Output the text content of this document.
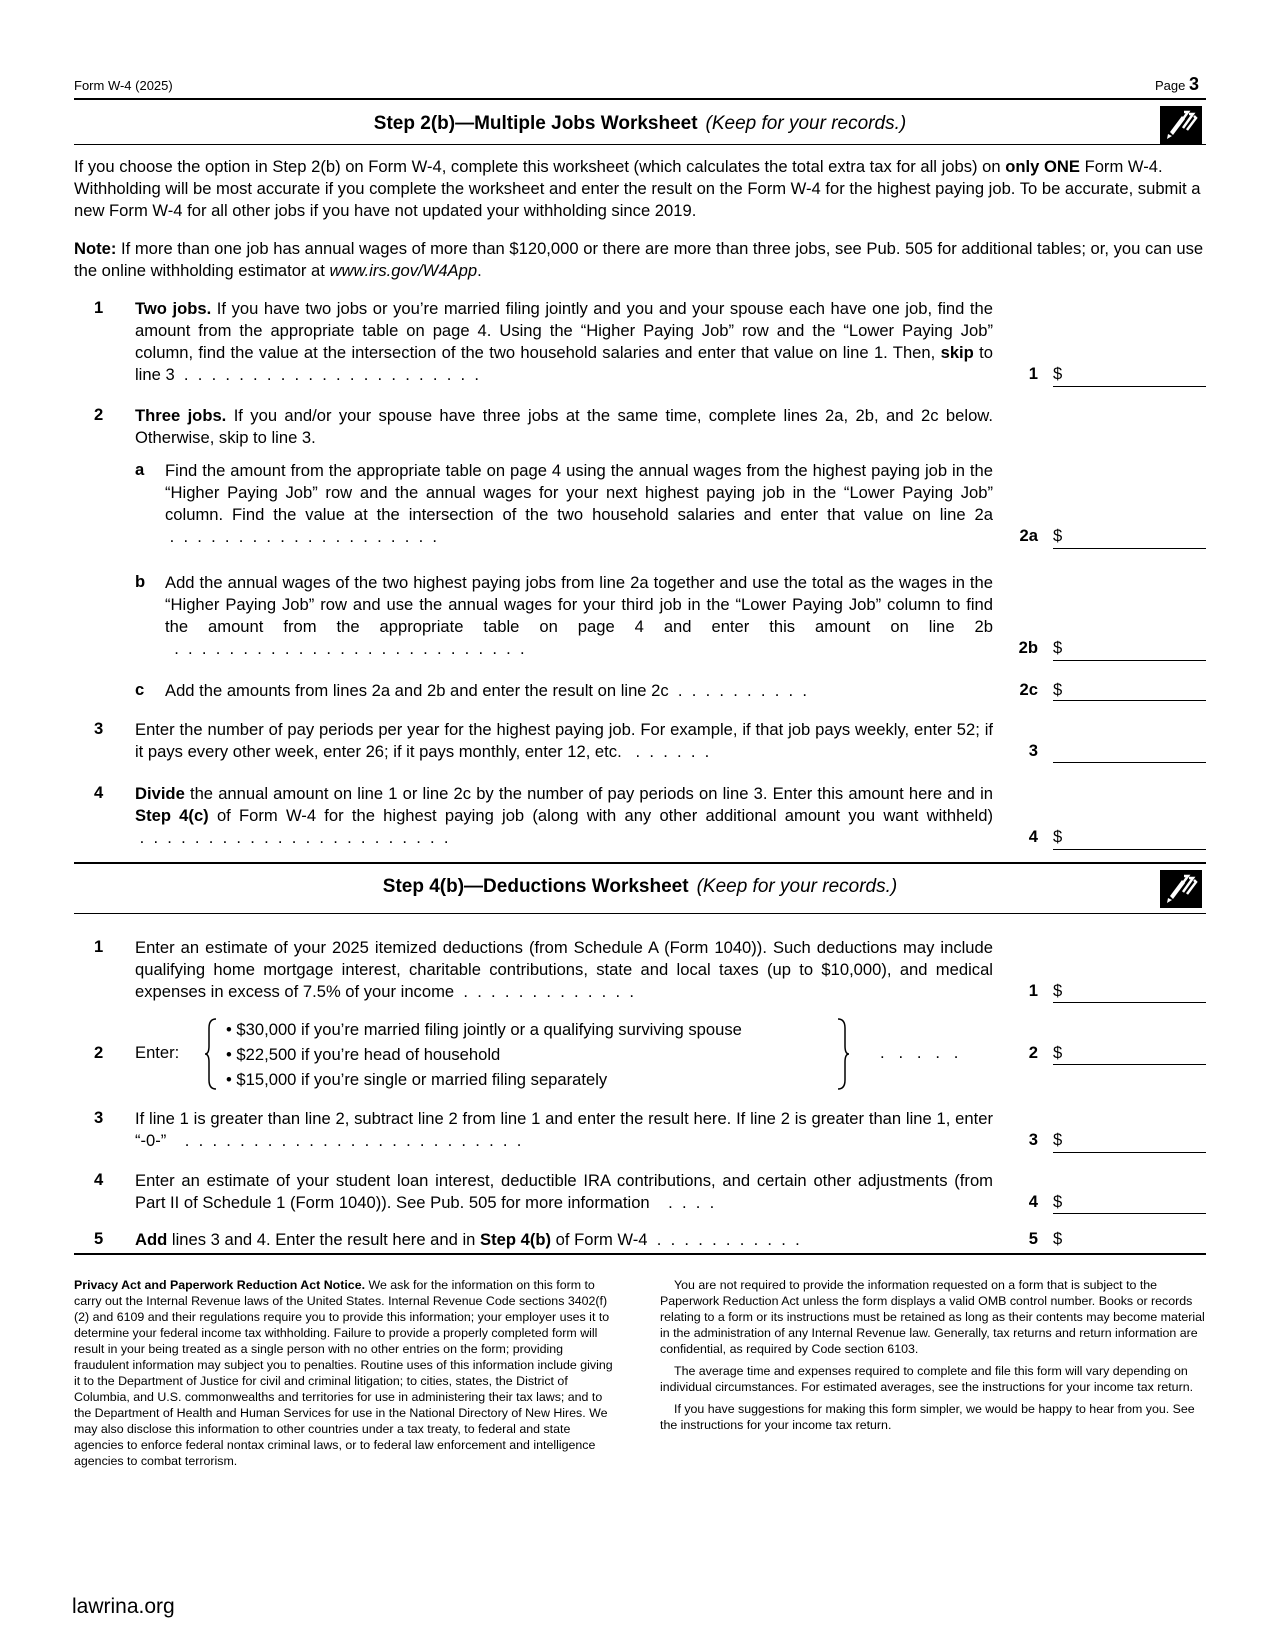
Form W-4 (2025)	Page 3
Step 2(b)—Multiple Jobs Worksheet (Keep for your records.)
If you choose the option in Step 2(b) on Form W-4, complete this worksheet (which calculates the total extra tax for all jobs) on only ONE Form W-4. Withholding will be most accurate if you complete the worksheet and enter the result on the Form W-4 for the highest paying job. To be accurate, submit a new Form W-4 for all other jobs if you have not updated your withholding since 2019.
Note: If more than one job has annual wages of more than $120,000 or there are more than three jobs, see Pub. 505 for additional tables; or, you can use the online withholding estimator at www.irs.gov/W4App.
1 Two jobs. If you have two jobs or you’re married filing jointly and you and your spouse each have one job, find the amount from the appropriate table on page 4. Using the “Higher Paying Job” row and the “Lower Paying Job” column, find the value at the intersection of the two household salaries and enter that value on line 1. Then, skip to line 3  .  .  .  .  .  .  .  .  .  .  .  .  .  .  .  .  .  .  .  .  .  .	1 $
2 Three jobs. If you and/or your spouse have three jobs at the same time, complete lines 2a, 2b, and 2c below. Otherwise, skip to line 3.
a Find the amount from the appropriate table on page 4 using the annual wages from the highest paying job in the “Higher Paying Job” row and the annual wages for your next highest paying job in the “Lower Paying Job” column. Find the value at the intersection of the two household salaries and enter that value on line 2a  .  .  .  .  .  .  .  .  .  .  .  .  .  .  .  .  .  .  .  .	2a $
b Add the annual wages of the two highest paying jobs from line 2a together and use the total as the wages in the “Higher Paying Job” row and use the annual wages for your third job in the “Lower Paying Job” column to find the amount from the appropriate table on page 4 and enter this amount on line 2b   .  .  .  .  .  .  .  .  .  .  .  .  .  .  .  .  .  .  .  .  .  .  .  .  .  .	2b $
c Add the amounts from lines 2a and 2b and enter the result on line 2c  .  .  .  .  .  .  .  .  .  .	2c $
3 Enter the number of pay periods per year for the highest paying job. For example, if that job pays weekly, enter 52; if it pays every other week, enter 26; if it pays monthly, enter 12, etc.   .  .  .  .  .  .	3
4 Divide the annual amount on line 1 or line 2c by the number of pay periods on line 3. Enter this amount here and in Step 4(c) of Form W-4 for the highest paying job (along with any other additional amount you want withheld)  .  .  .  .  .  .  .  .  .  .  .  .  .  .  .  .  .  .  .  .  .  .  .	4 $
Step 4(b)—Deductions Worksheet (Keep for your records.)
1 Enter an estimate of your 2025 itemized deductions (from Schedule A (Form 1040)). Such deductions may include qualifying home mortgage interest, charitable contributions, state and local taxes (up to $10,000), and medical expenses in excess of 7.5% of your income  .  .  .  .  .  .  .  .  .  .  .  .  .	1 $
2 Enter:
• $30,000 if you’re married filing jointly or a qualifying surviving spouse
• $22,500 if you’re head of household
• $15,000 if you’re single or married filing separately
.   .   .   .   .	2 $
3 If line 1 is greater than line 2, subtract line 2 from line 1 and enter the result here. If line 2 is greater than line 1, enter “-0-”    .  .  .  .  .  .  .  .  .  .  .  .  .  .  .  .  .  .  .  .  .  .  .  .  .	3 $
4 Enter an estimate of your student loan interest, deductible IRA contributions, and certain other adjustments (from Part II of Schedule 1 (Form 1040)). See Pub. 505 for more information    .  .  .  .	4 $
5 Add lines 3 and 4. Enter the result here and in Step 4(b) of Form W-4  .  .  .  .  .  .  .  .  .  .  .	5 $

Privacy Act and Paperwork Reduction Act Notice. We ask for the information on this form to carry out the Internal Revenue laws of the United States. Internal Revenue Code sections 3402(f)(2) and 6109 and their regulations require you to provide this information; your employer uses it to determine your federal income tax withholding. Failure to provide a properly completed form will result in your being treated as a single person with no other entries on the form; providing fraudulent information may subject you to penalties. Routine uses of this information include giving it to the Department of Justice for civil and criminal litigation; to cities, states, the District of Columbia, and U.S. commonwealths and territories for use in administering their tax laws; and to the Department of Health and Human Services for use in the National Directory of New Hires. We may also disclose this information to other countries under a tax treaty, to federal and state agencies to enforce federal nontax criminal laws, or to federal law enforcement and intelligence agencies to combat terrorism.

You are not required to provide the information requested on a form that is subject to the Paperwork Reduction Act unless the form displays a valid OMB control number. Books or records relating to a form or its instructions must be retained as long as their contents may become material in the administration of any Internal Revenue law. Generally, tax returns and return information are confidential, as required by Code section 6103.

The average time and expenses required to complete and file this form will vary depending on individual circumstances. For estimated averages, see the instructions for your income tax return.

If you have suggestions for making this form simpler, we would be happy to hear from you. See the instructions for your income tax return.

lawrina.org
